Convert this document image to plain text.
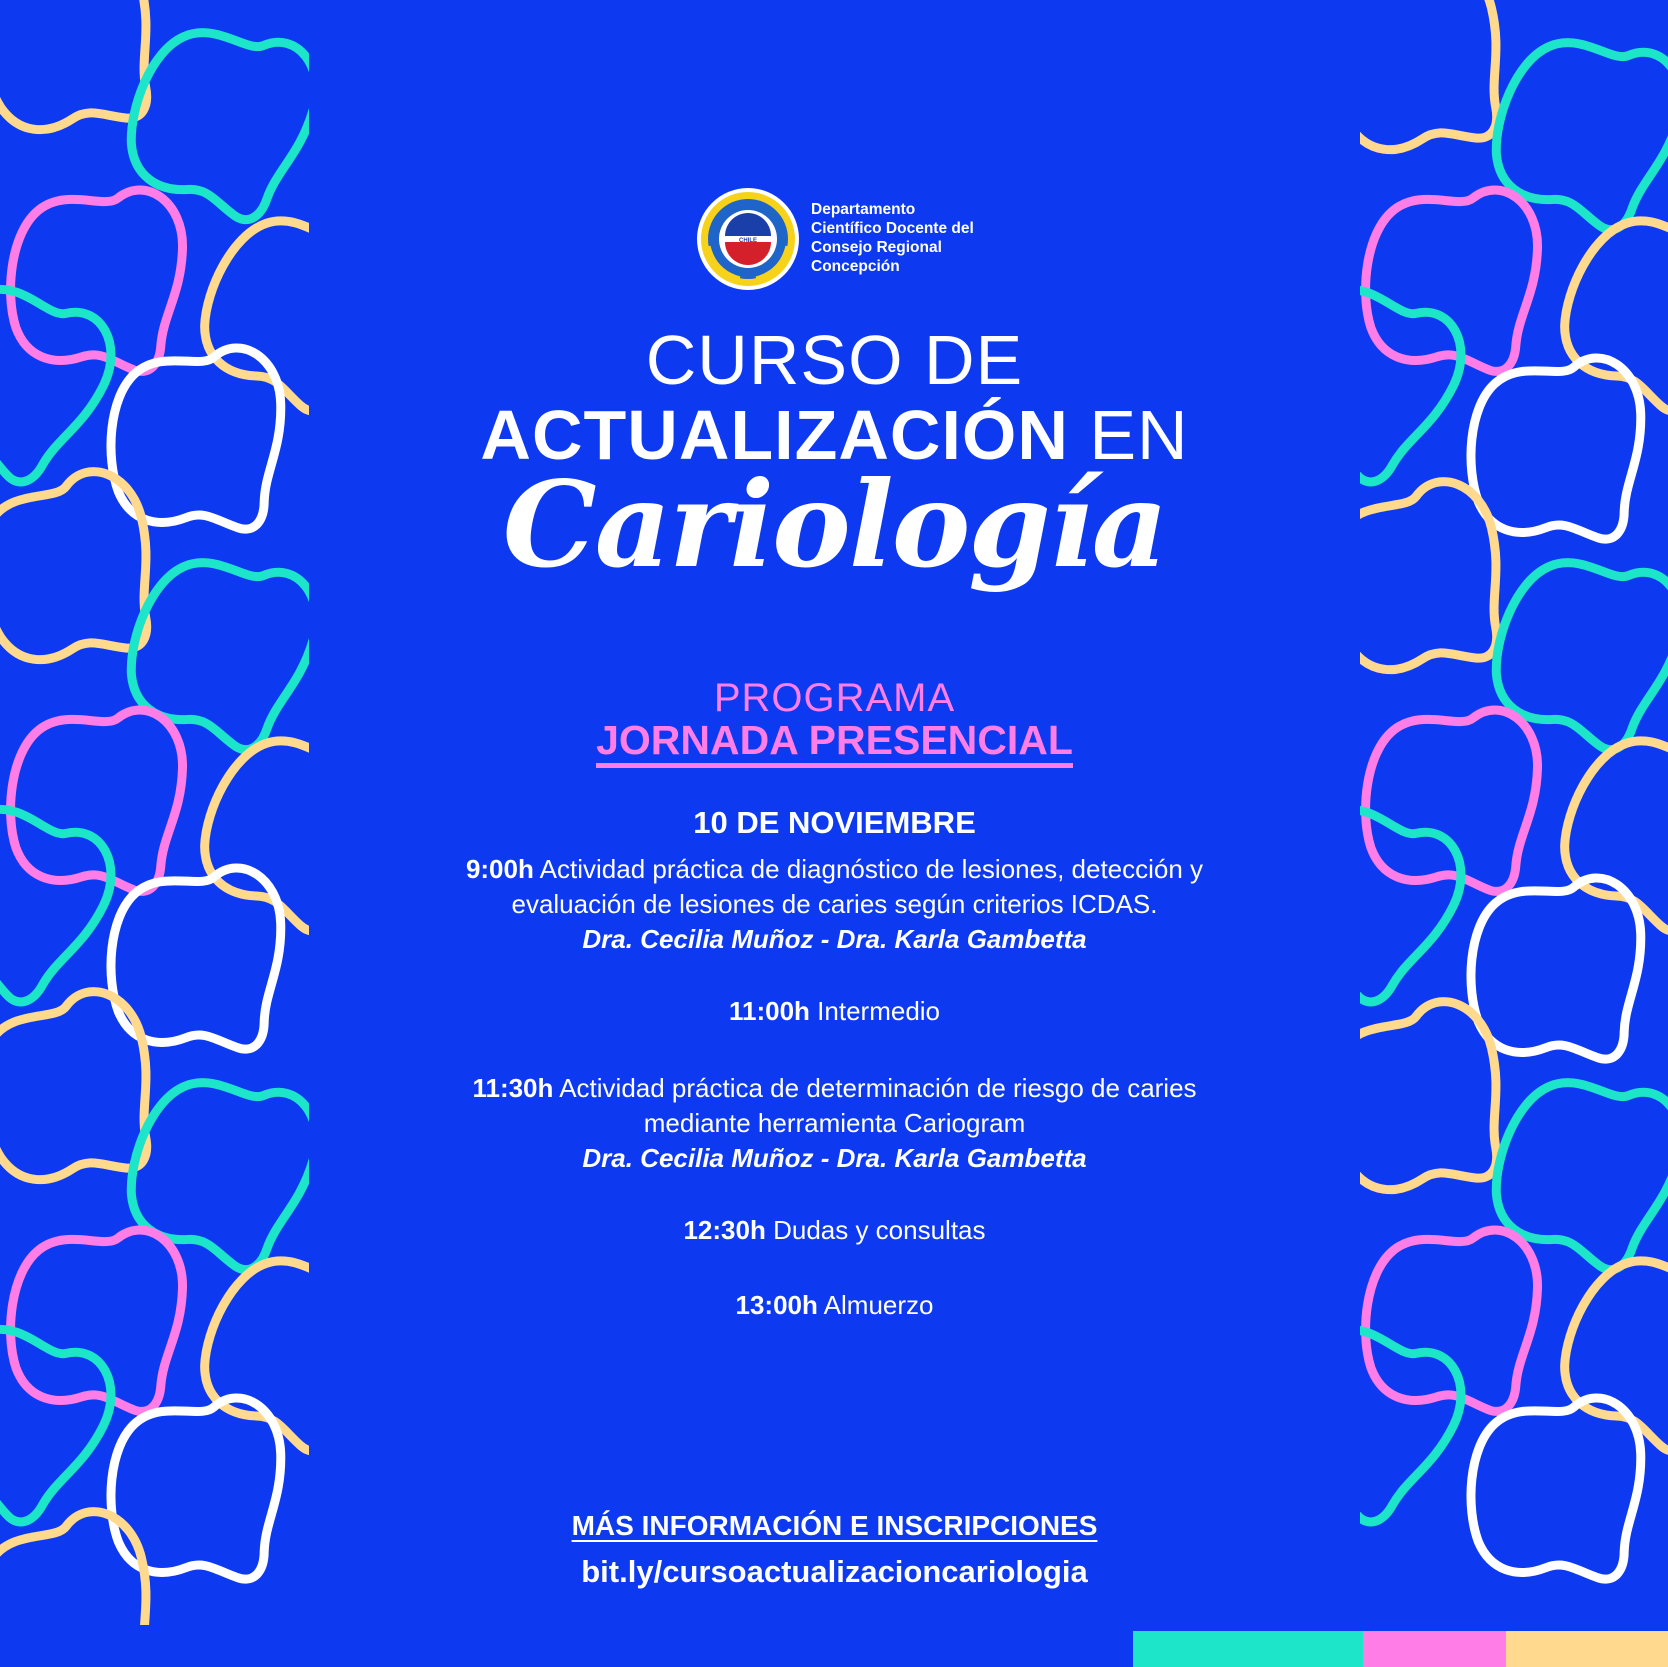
CHILE
Departamento
Científico Docente del
Consejo Regional
Concepción
CURSO DE
ACTUALIZACIÓN EN
Cariología
PROGRAMA
JORNADA PRESENCIAL
10 DE NOVIEMBRE
9:00h Actividad práctica de diagnóstico de lesiones, detección y
evaluación de lesiones de caries según criterios ICDAS.
Dra. Cecilia Muñoz - Dra. Karla Gambetta
11:00h Intermedio
11:30h Actividad práctica de determinación de riesgo de caries
mediante herramienta Cariogram
Dra. Cecilia Muñoz - Dra. Karla Gambetta
12:30h Dudas y consultas
13:00h Almuerzo
MÁS INFORMACIÓN E INSCRIPCIONES
bit.ly/cursoactualizacioncariologia
